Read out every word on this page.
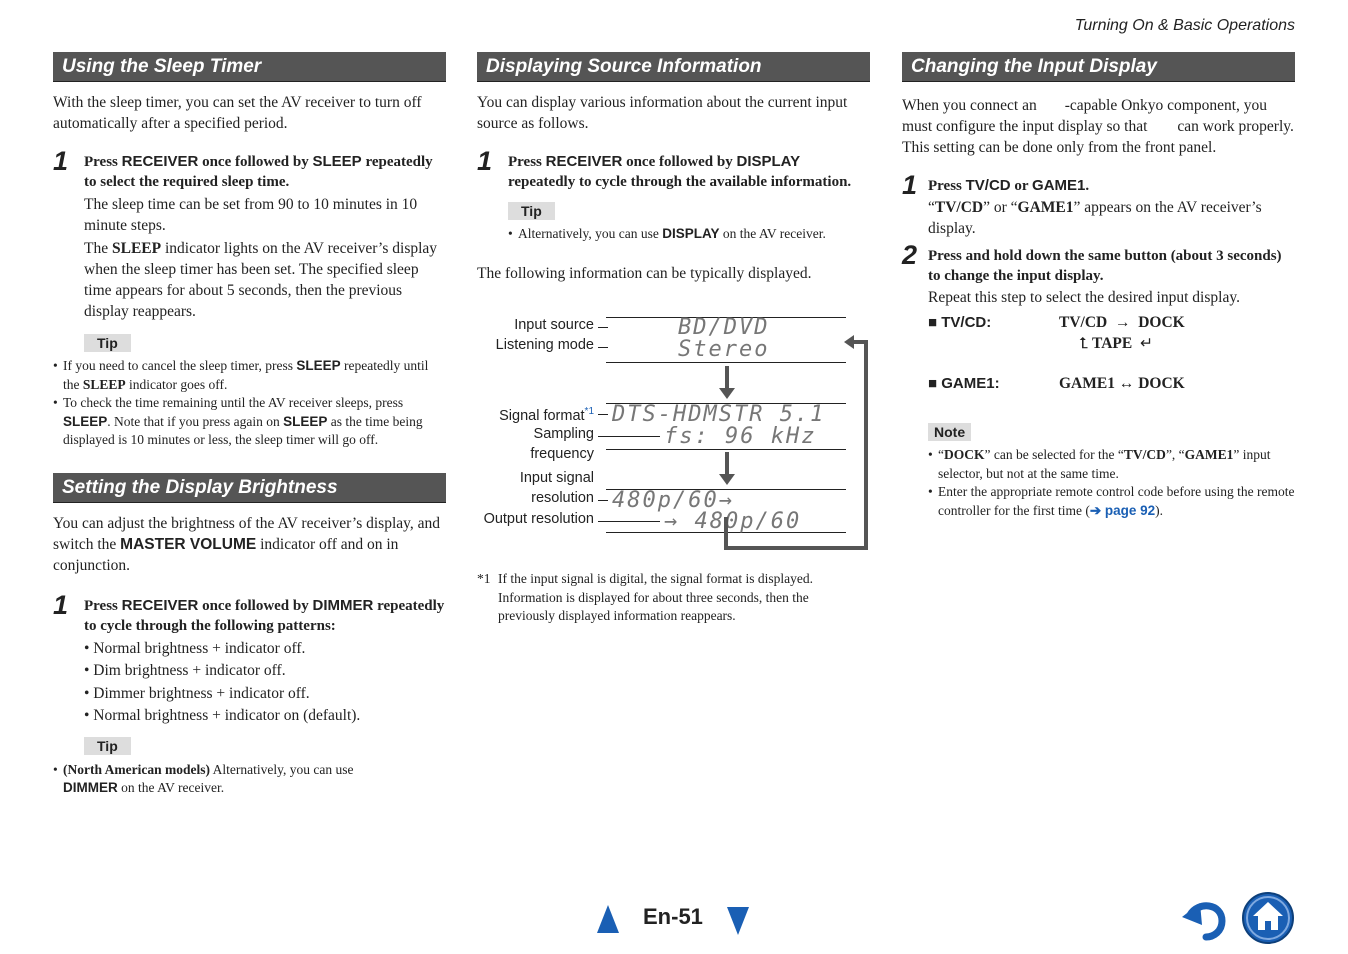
Turning On & Basic Operations
Using the Sleep Timer

With the sleep timer, you can set the AV receiver to turn off automatically after a specified period.

1 Press RECEIVER once followed by SLEEP repeatedly to select the required sleep time.

The sleep time can be set from 90 to 10 minutes in 10 minute steps.

The SLEEP indicator lights on the AV receiver’s display when the sleep timer has been set. The specified sleep time appears for about 5 seconds, then the previous display reappears.

Tip
• If you need to cancel the sleep timer, press SLEEP repeatedly until the SLEEP indicator goes off.
• To check the time remaining until the AV receiver sleeps, press SLEEP. Note that if you press again on SLEEP as the time being displayed is 10 minutes or less, the sleep timer will go off.
Setting the Display Brightness

You can adjust the brightness of the AV receiver’s display, and switch the MASTER VOLUME indicator off and on in conjunction.

1 Press RECEIVER once followed by DIMMER repeatedly to cycle through the following patterns:
• Normal brightness + indicator off.
• Dim brightness + indicator off.
• Dimmer brightness + indicator off.
• Normal brightness + indicator on (default).
Tip
• (North American models) Alternatively, you can use
DIMMER on the AV receiver.
Displaying Source Information

You can display various information about the current input source as follows.

1 Press RECEIVER once followed by DISPLAY repeatedly to cycle through the available information.
Tip
• Alternatively, you can use DISPLAY on the AV receiver.

The following information can be typically displayed.

Input source
Listening mode
BD/DVD
Stereo
Signal format$^{*1}$
Sampling
frequency
DTS-HDMSTR 5.1
fs: 96 kHz
Input signal
resolution
Output resolution
480p/60→
→ 480p/60
*1 If the input signal is digital, the signal format is displayed. Information is displayed for about three seconds, then the previously displayed information reappears.
Changing the Input Display

When you connect an -capable Onkyo component, you must configure the input display so that can work properly.

This setting can be done only from the front panel.

1 Press TV/CD or GAME1.

“TV/CD” or “GAME1” appears on the AV receiver’s display.

2 Press and hold down the same button (about 3 seconds) to change the input display.

Repeat this step to select the desired input display.

■ TV/CD:	TV/CD → DOCK
⮤ TAPE ↵
■ GAME1:	GAME1 ↔ DOCK
Note
• “DOCK” can be selected for the “TV/CD”, “GAME1” input selector, but not at the same time.
• Enter the appropriate remote control code before using the remote controller for the first time (➔ page 92).
En-51
